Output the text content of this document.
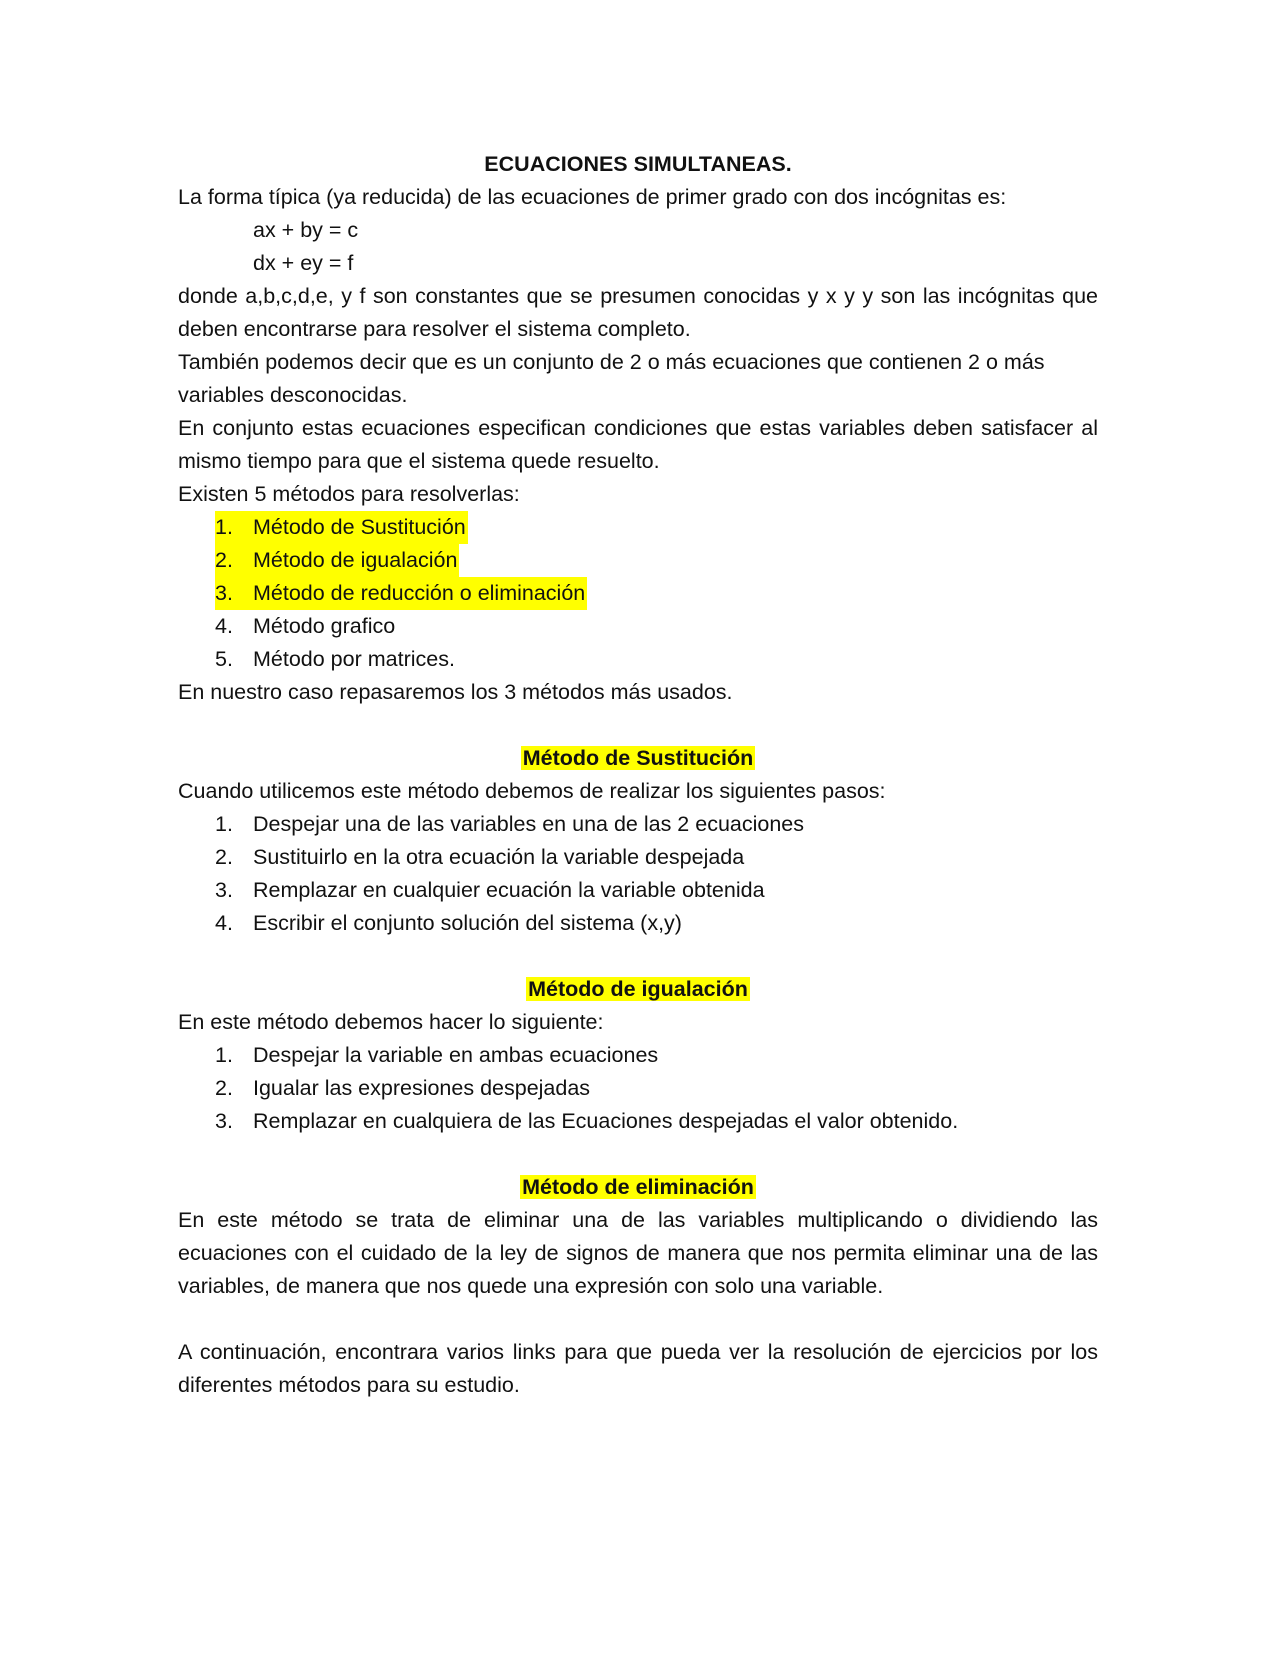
ECUACIONES SIMULTANEAS.

La forma típica (ya reducida) de las ecuaciones de primer grado con dos incógnitas es:

ax + by = c

dx + ey = f

donde a,b,c,d,e, y f son constantes que se presumen conocidas y x y y son las incógnitas que deben encontrarse para resolver el sistema completo.

También podemos decir que es un conjunto de 2 o más ecuaciones que contienen 2 o más variables desconocidas.

En conjunto estas ecuaciones especifican condiciones que estas variables deben satisfacer al mismo tiempo para que el sistema quede resuelto.

Existen 5 métodos para resolverlas:

1. Método de Sustitución
2. Método de igualación
3. Método de reducción o eliminación
4. Método grafico
5. Método por matrices.

En nuestro caso repasaremos los 3 métodos más usados.

Método de Sustitución

Cuando utilicemos este método debemos de realizar los siguientes pasos:

1. Despejar una de las variables en una de las 2 ecuaciones
2. Sustituirlo en la otra ecuación la variable despejada
3. Remplazar en cualquier ecuación la variable obtenida
4. Escribir el conjunto solución del sistema (x,y)

Método de igualación

En este método debemos hacer lo siguiente:

1. Despejar la variable en ambas ecuaciones
2. Igualar las expresiones despejadas
3. Remplazar en cualquiera de las Ecuaciones despejadas el valor obtenido.

Método de eliminación

En este método se trata de eliminar una de las variables multiplicando o dividiendo las ecuaciones con el cuidado de la ley de signos de manera que nos permita eliminar una de las variables, de manera que nos quede una expresión con solo una variable.

A continuación, encontrara varios links para que pueda ver la resolución de ejercicios por los diferentes métodos para su estudio.
